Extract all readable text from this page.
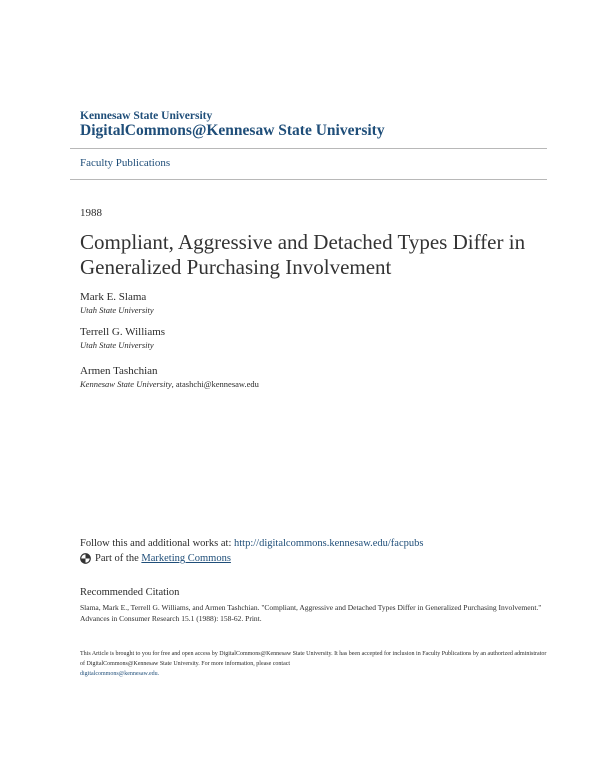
Kennesaw State University
DigitalCommons@Kennesaw State University
Faculty Publications
1988
Compliant, Aggressive and Detached Types Differ in Generalized Purchasing Involvement
Mark E. Slama
Utah State University
Terrell G. Williams
Utah State University
Armen Tashchian
Kennesaw State University, atashchi@kennesaw.edu
Follow this and additional works at: http://digitalcommons.kennesaw.edu/facpubs
Part of the
Marketing Commons
Recommended Citation
Slama, Mark E., Terrell G. Williams, and Armen Tashchian. "Compliant, Aggressive and Detached Types Differ in Generalized Purchasing Involvement." Advances in Consumer Research 15.1 (1988): 158-62. Print.
This Article is brought to you for free and open access by DigitalCommons@Kennesaw State University. It has been accepted for inclusion in Faculty Publications by an authorized administrator of DigitalCommons@Kennesaw State University. For more information, please contact
digitalcommons@kennesaw.edu.
